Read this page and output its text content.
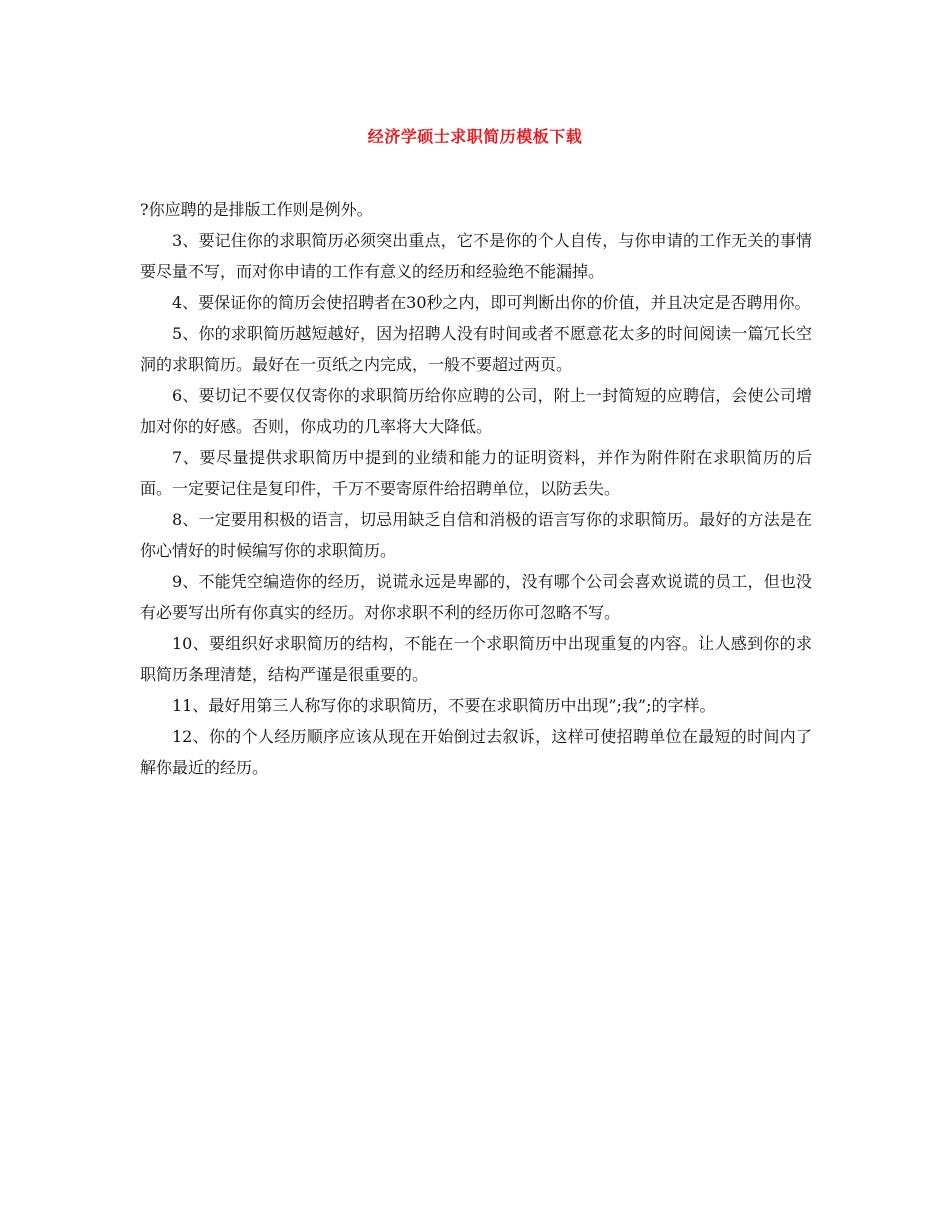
经济学硕士求职简历模板下载

?你应聘的是排版工作则是例外。

3、要记住你的求职简历必须突出重点，它不是你的个人自传，与你申请的工作无关的事情要尽量不写，而对你申请的工作有意义的经历和经验绝不能漏掉。

4、要保证你的简历会使招聘者在30秒之内，即可判断出你的价值，并且决定是否聘用你。

5、你的求职简历越短越好，因为招聘人没有时间或者不愿意花太多的时间阅读一篇冗长空洞的求职简历。最好在一页纸之内完成，一般不要超过两页。

6、要切记不要仅仅寄你的求职简历给你应聘的公司，附上一封简短的应聘信，会使公司增加对你的好感。否则，你成功的几率将大大降低。

7、要尽量提供求职简历中提到的业绩和能力的证明资料，并作为附件附在求职简历的后面。一定要记住是复印件，千万不要寄原件给招聘单位，以防丢失。

8、一定要用积极的语言，切忌用缺乏自信和消极的语言写你的求职简历。最好的方法是在你心情好的时候编写你的求职简历。

9、不能凭空编造你的经历，说谎永远是卑鄙的，没有哪个公司会喜欢说谎的员工，但也没有必要写出所有你真实的经历。对你求职不利的经历你可忽略不写。

10、要组织好求职简历的结构，不能在一个求职简历中出现重复的内容。让人感到你的求职简历条理清楚，结构严谨是很重要的。

11、最好用第三人称写你的求职简历，不要在求职简历中出现”;我”;的字样。

12、你的个人经历顺序应该从现在开始倒过去叙诉，这样可使招聘单位在最短的时间内了解你最近的经历。
